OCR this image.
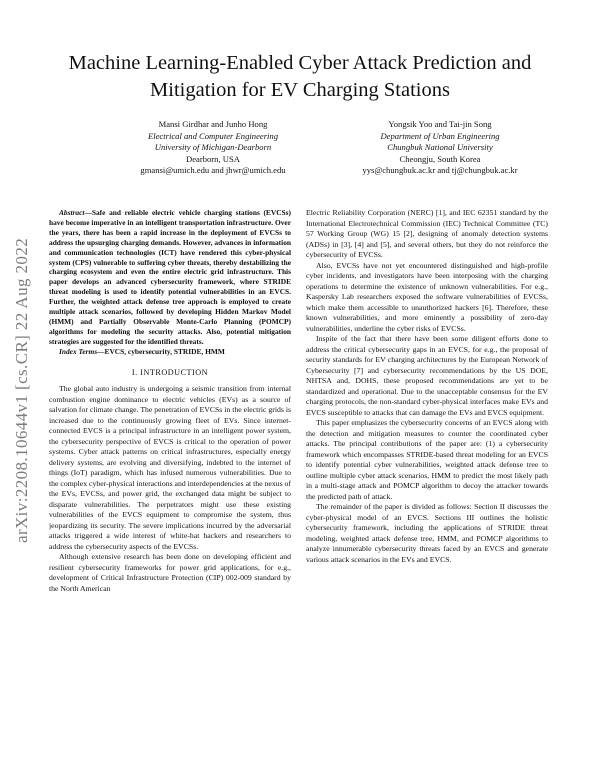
Machine Learning-Enabled Cyber Attack Prediction and Mitigation for EV Charging Stations
Mansi Girdhar and Junho Hong
Electrical and Computer Engineering
University of Michigan-Dearborn
Dearborn, USA
gmansi@umich.edu and jhwr@umich.edu
Yongsik Yoo and Tai-jin Song
Department of Urban Engineering
Chungbuk National University
Cheongju, South Korea
yys@chungbuk.ac.kr and tj@chungbuk.ac.kr
arXiv:2208.10644v1 [cs.CR] 22 Aug 2022

Abstract—Safe and reliable electric vehicle charging stations (EVCSs) have become imperative in an intelligent transportation infrastructure. Over the years, there has been a rapid increase in the deployment of EVCSs to address the upsurging charging demands. However, advances in information and communication technologies (ICT) have rendered this cyber-physical system (CPS) vulnerable to suffering cyber threats, thereby destabilizing the charging ecosystem and even the entire electric grid infrastructure. This paper develops an advanced cybersecurity framework, where STRIDE threat modeling is used to identify potential vulnerabilities in an EVCS. Further, the weighted attack defense tree approach is employed to create multiple attack scenarios, followed by developing Hidden Markov Model (HMM) and Partially Observable Monte-Carlo Planning (POMCP) algorithms for modeling the security attacks. Also, potential mitigation strategies are suggested for the identified threats.

Index Terms—EVCS, cybersecurity, STRIDE, HMM

I. INTRODUCTION

The global auto industry is undergoing a seismic transition from internal combustion engine dominance to electric vehicles (EVs) as a source of salvation for climate change. The penetration of EVCSs in the electric grids is increased due to the continuously growing fleet of EVs. Since internet-connected EVCS is a principal infrastructure in an intelligent power system, the cybersecurity perspective of EVCS is critical to the operation of power systems. Cyber attack patterns on critical infrastructures, especially energy delivery systems, are evolving and diversifying, indebted to the internet of things (IoT) paradigm, which has infused numerous vulnerabilities. Due to the complex cyber-physical interactions and interdependencies at the nexus of the EVs, EVCSs, and power grid, the exchanged data might be subject to disparate vulnerabilities. The perpetrators might use these existing vulnerabilities of the EVCS equipment to compromise the system, thus jeopardizing its security. The severe implications incurred by the adversarial attacks triggered a wide interest of white-hat hackers and researchers to address the cybersecurity aspects of the EVCSs.

Although extensive research has been done on developing efficient and resilient cybersecurity frameworks for power grid applications, for e.g., development of Critical Infrastructure Protection (CIP) 002-009 standard by the North American

Electric Reliability Corporation (NERC) [1], and IEC 62351 standard by the International Electrotechnical Commission (IEC) Technical Committee (TC) 57 Working Group (WG) 15 [2], designing of anomaly detection systems (ADSs) in [3], [4] and [5], and several others, but they do not reinforce the cybersecurity of EVCSs.

Also, EVCSs have not yet encountered distinguished and high-profile cyber incidents, and investigators have been interposing with the charging operations to determine the existence of unknown vulnerabilities. For e.g., Kaspersky Lab researchers exposed the software vulnerabilities of EVCSs, which make them accessible to unauthorized hackers [6]. Therefore, these known vulnerabilities, and more eminently a possibility of zero-day vulnerabilities, underline the cyber risks of EVCSs.

Inspite of the fact that there have been some diligent efforts done to address the critical cybersecurity gaps in an EVCS, for e.g., the proposal of security standards for EV charging architectures by the European Network of Cybersecurity [7] and cybersecurity recommendations by the US DOE, NHTSA and, DOHS, these proposed recommendations are yet to be standardized and operational. Due to the unacceptable consensus for the EV charging protocols, the non-standard cyber-physical interfaces make EVs and EVCS susceptible to attacks that can damage the EVs and EVCS equipment.

This paper emphasizes the cybersecurity concerns of an EVCS along with the detection and mitigation measures to counter the coordinated cyber attacks. The principal contributions of the paper are: (1) a cybersecurity framework which encompasses STRIDE-based threat modeling for an EVCS to identify potential cyber vulnerabilities, weighted attack defense tree to outline multiple cyber attack scenarios, HMM to predict the most likely path in a multi-stage attack and POMCP algorithm to decoy the attacker towards the predicted path of attack.

The remainder of the paper is divided as follows: Section II discusses the cyber-physical model of an EVCS. Sections III outlines the holistic cybersecurity framework, including the applications of STRIDE threat modeling, weighted attack defense tree, HMM, and POMCP algorithms to analyze innumerable cybersecurity threats faced by an EVCS and generate various attack scenarios in the EVs and EVCS.
